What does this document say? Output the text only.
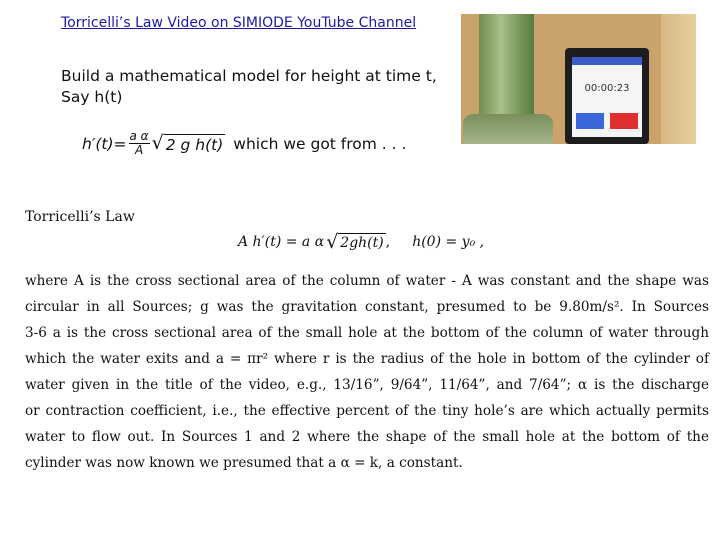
Torricelli’s Law Video on SIMIODE YouTube Channel
Build a mathematical model for height at time t,
Say h(t)
$h'(t)= \frac{\text{a α}}{A}$ √ 2 g h(t) which we got from . . .
00:00:23
Torricelli’s Law
A h′(t) = a α √ 2gh(t) , h(0) = y₀ ,
where A is the cross sectional area of the column of water - A was constant and the shape was
circular in all Sources; g was the gravitation constant, presumed to be 9.80m/s². In Sources
3-6 a is the cross sectional area of the small hole at the bottom of the column of water through
which the water exits and a = πr² where r is the radius of the hole in bottom of the cylinder of
water given in the title of the video, e.g., 13/16”, 9/64”, 11/64”, and 7/64”; α is the discharge
or contraction coefficient, i.e., the effective percent of the tiny hole’s are which actually permits
water to flow out. In Sources 1 and 2 where the shape of the small hole at the bottom of the
cylinder was now known we presumed that a α = k, a constant.
